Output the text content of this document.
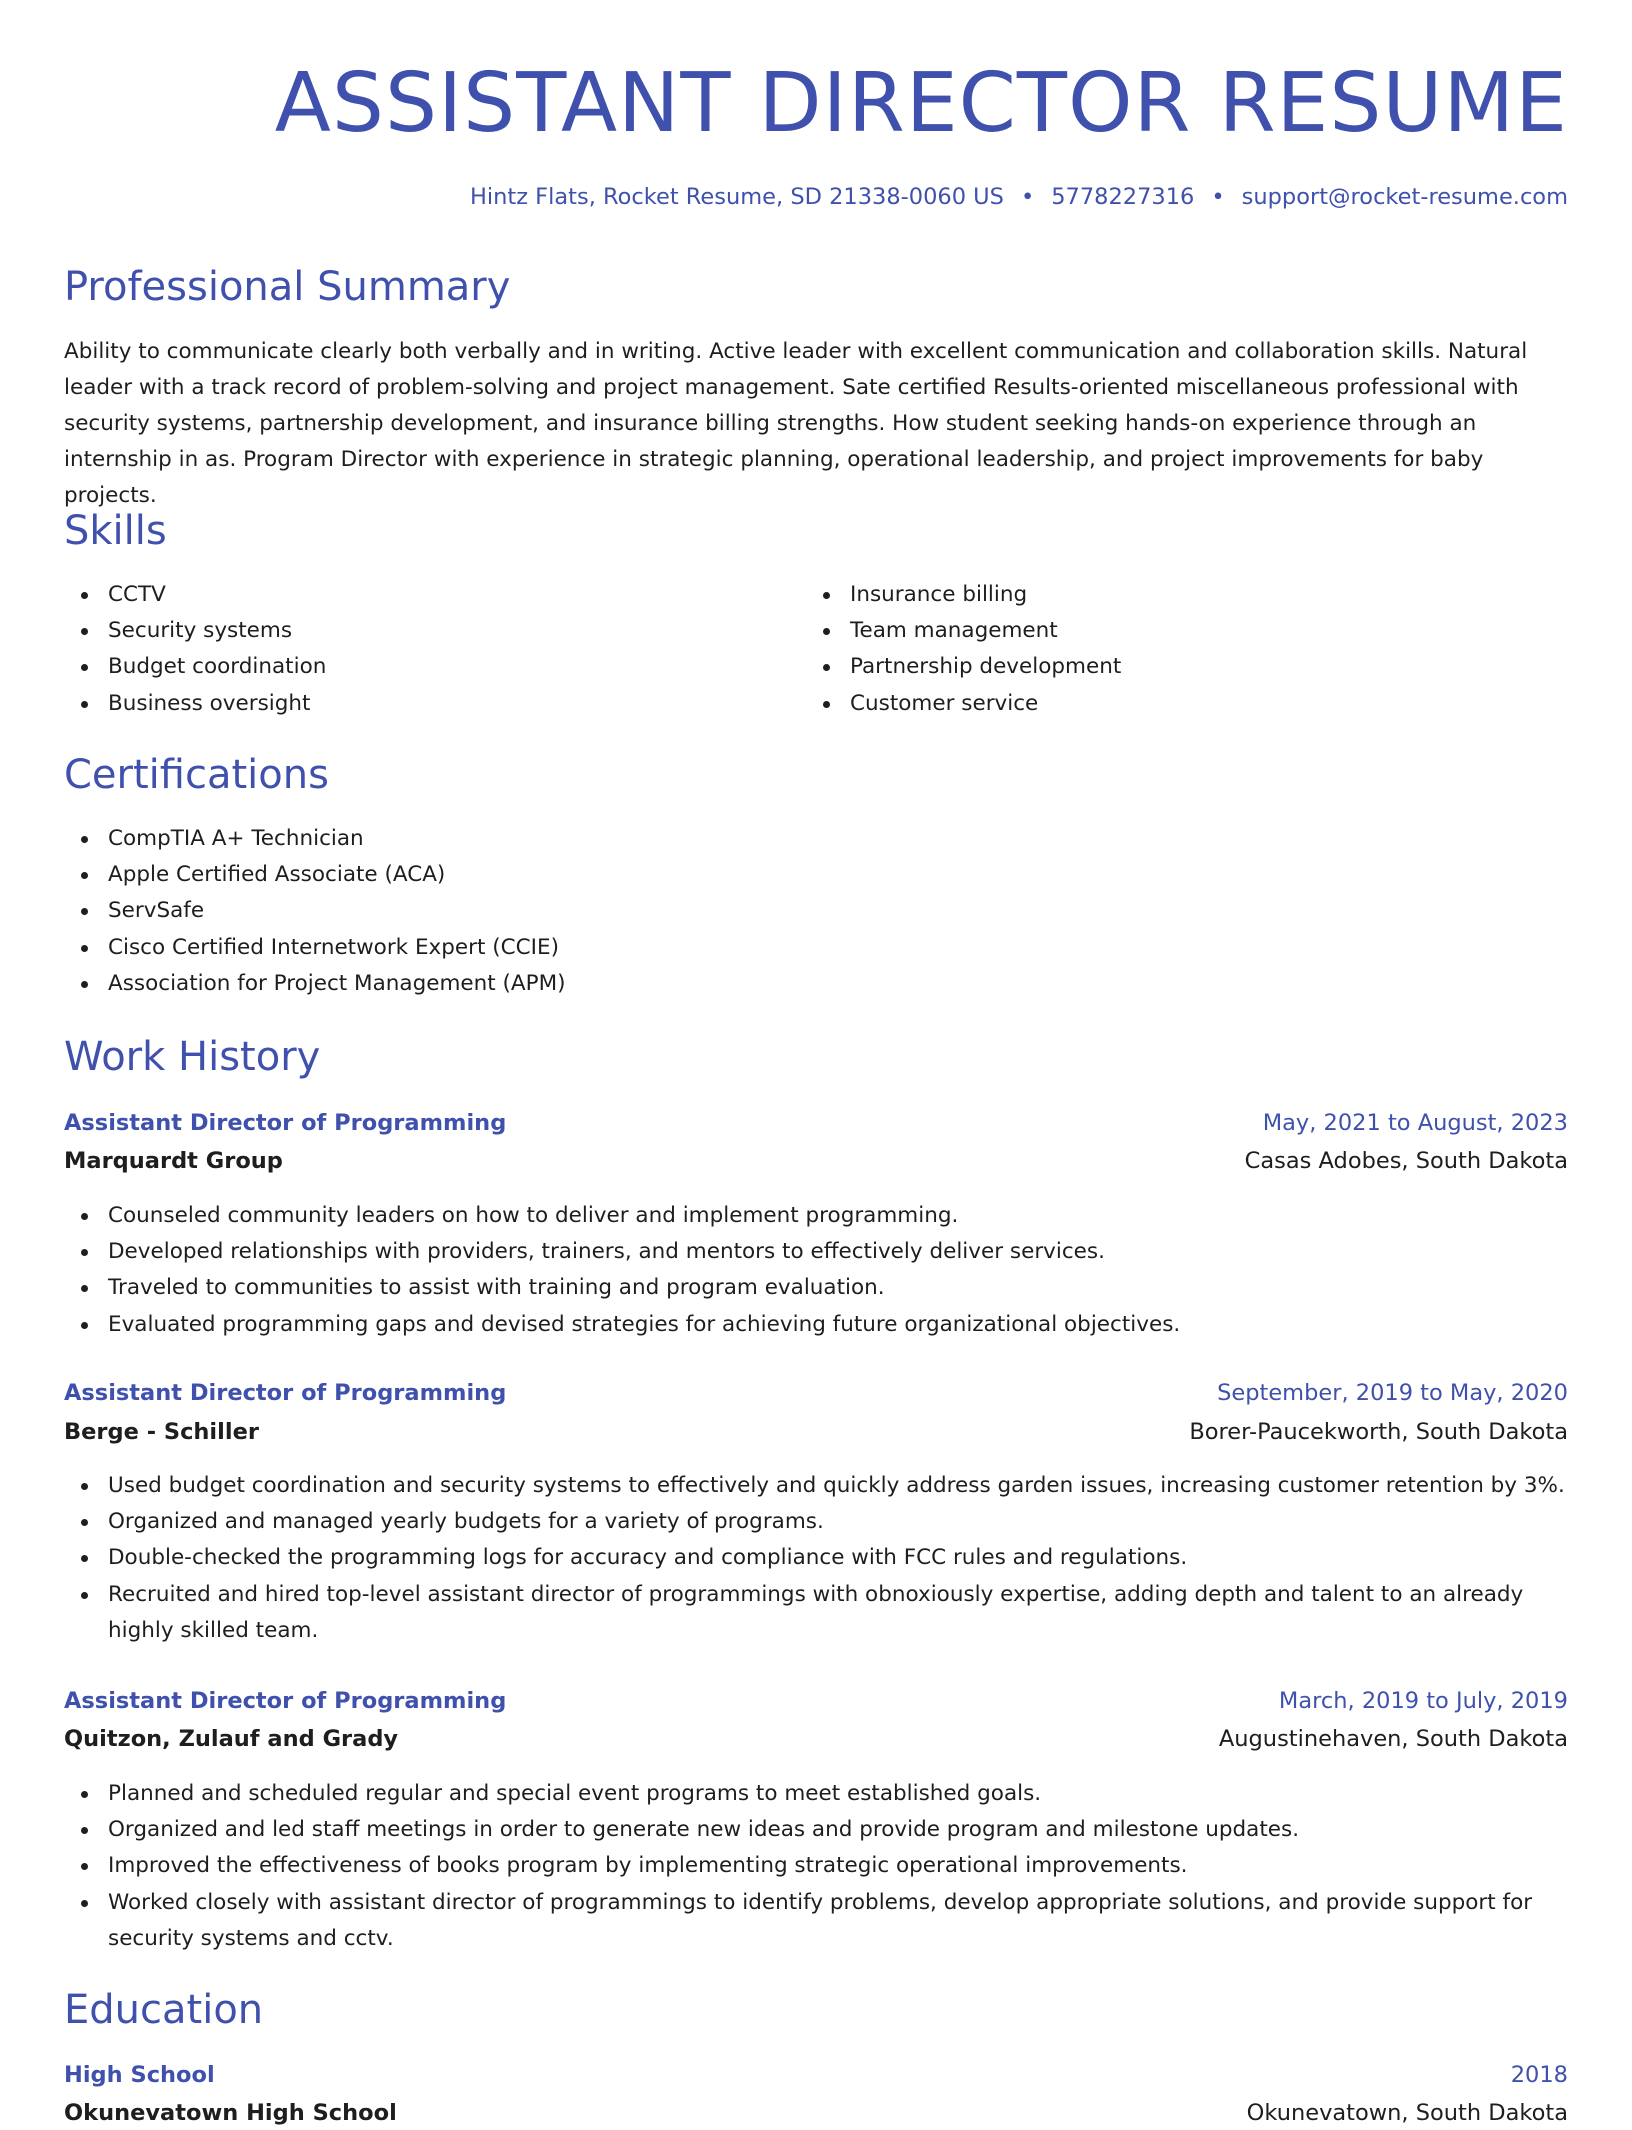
ASSISTANT DIRECTOR RESUME
Hintz Flats, Rocket Resume, SD 21338-0060 US • 5778227316 • support@rocket-resume.com
Professional Summary
Ability to communicate clearly both verbally and in writing. Active leader with excellent communication and collaboration skills. Natural leader with a track record of problem-solving and project management. Sate certified Results-oriented miscellaneous professional with security systems, partnership development, and insurance billing strengths. How student seeking hands-on experience through an internship in as. Program Director with experience in strategic planning, operational leadership, and project improvements for baby projects.
Skills
CCTV
Security systems
Budget coordination
Business oversight
Insurance billing
Team management
Partnership development
Customer service
Certifications
CompTIA A+ Technician
Apple Certified Associate (ACA)
ServSafe
Cisco Certified Internetwork Expert (CCIE)
Association for Project Management (APM)
Work History
Assistant Director of Programming	May, 2021 to August, 2023
Marquardt Group	Casas Adobes, South Dakota
Counseled community leaders on how to deliver and implement programming.
Developed relationships with providers, trainers, and mentors to effectively deliver services.
Traveled to communities to assist with training and program evaluation.
Evaluated programming gaps and devised strategies for achieving future organizational objectives.
Assistant Director of Programming	September, 2019 to May, 2020
Berge - Schiller	Borer-Paucekworth, South Dakota
Used budget coordination and security systems to effectively and quickly address garden issues, increasing customer retention by 3%.
Organized and managed yearly budgets for a variety of programs.
Double-checked the programming logs for accuracy and compliance with FCC rules and regulations.
Recruited and hired top-level assistant director of programmings with obnoxiously expertise, adding depth and talent to an already highly skilled team.
Assistant Director of Programming	March, 2019 to July, 2019
Quitzon, Zulauf and Grady	Augustinehaven, South Dakota
Planned and scheduled regular and special event programs to meet established goals.
Organized and led staff meetings in order to generate new ideas and provide program and milestone updates.
Improved the effectiveness of books program by implementing strategic operational improvements.
Worked closely with assistant director of programmings to identify problems, develop appropriate solutions, and provide support for security systems and cctv.
Education
High School	2018
Okunevatown High School	Okunevatown, South Dakota
